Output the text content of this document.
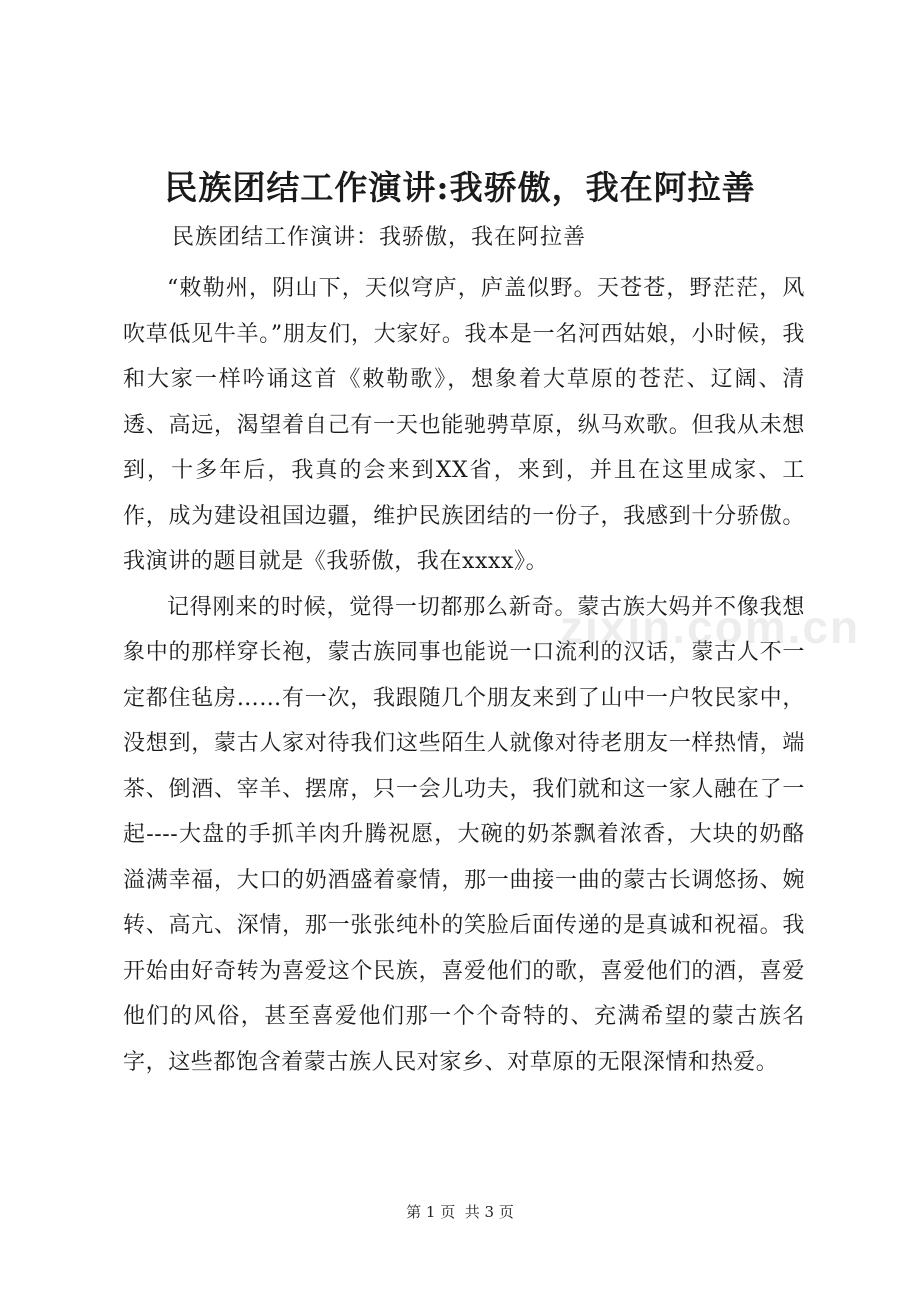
民族团结工作演讲:我骄傲，我在阿拉善

民族团结工作演讲：我骄傲，我在阿拉善

“敕勒州，阴山下，天似穹庐，庐盖似野。天苍苍，野茫茫，风吹草低见牛羊。”朋友们，大家好。我本是一名河西姑娘，小时候，我和大家一样吟诵这首《敕勒歌》，想象着大草原的苍茫、辽阔、清透、高远，渴望着自己有一天也能驰骋草原，纵马欢歌。但我从未想到，十多年后，我真的会来到XX省，来到，并且在这里成家、工作，成为建设祖国边疆，维护民族团结的一份子，我感到十分骄傲。我演讲的题目就是《我骄傲，我在xxxx》。

记得刚来的时候，觉得一切都那么新奇。蒙古族大妈并不像我想象中的那样穿长袍，蒙古族同事也能说一口流利的汉话，蒙古人不一定都住毡房……有一次，我跟随几个朋友来到了山中一户牧民家中，没想到，蒙古人家对待我们这些陌生人就像对待老朋友一样热情，端茶、倒酒、宰羊、摆席，只一会儿功夫，我们就和这一家人融在了一起----大盘的手抓羊肉升腾祝愿，大碗的奶茶飘着浓香，大块的奶酪溢满幸福，大口的奶酒盛着豪情，那一曲接一曲的蒙古长调悠扬、婉转、高亢、深情，那一张张纯朴的笑脸后面传递的是真诚和祝福。我开始由好奇转为喜爱这个民族，喜爱他们的歌，喜爱他们的酒，喜爱他们的风俗，甚至喜爱他们那一个个奇特的、充满希望的蒙古族名字，这些都饱含着蒙古族人民对家乡、对草原的无限深情和热爱。

zixin.com.cn
第 1 页  共 3 页
